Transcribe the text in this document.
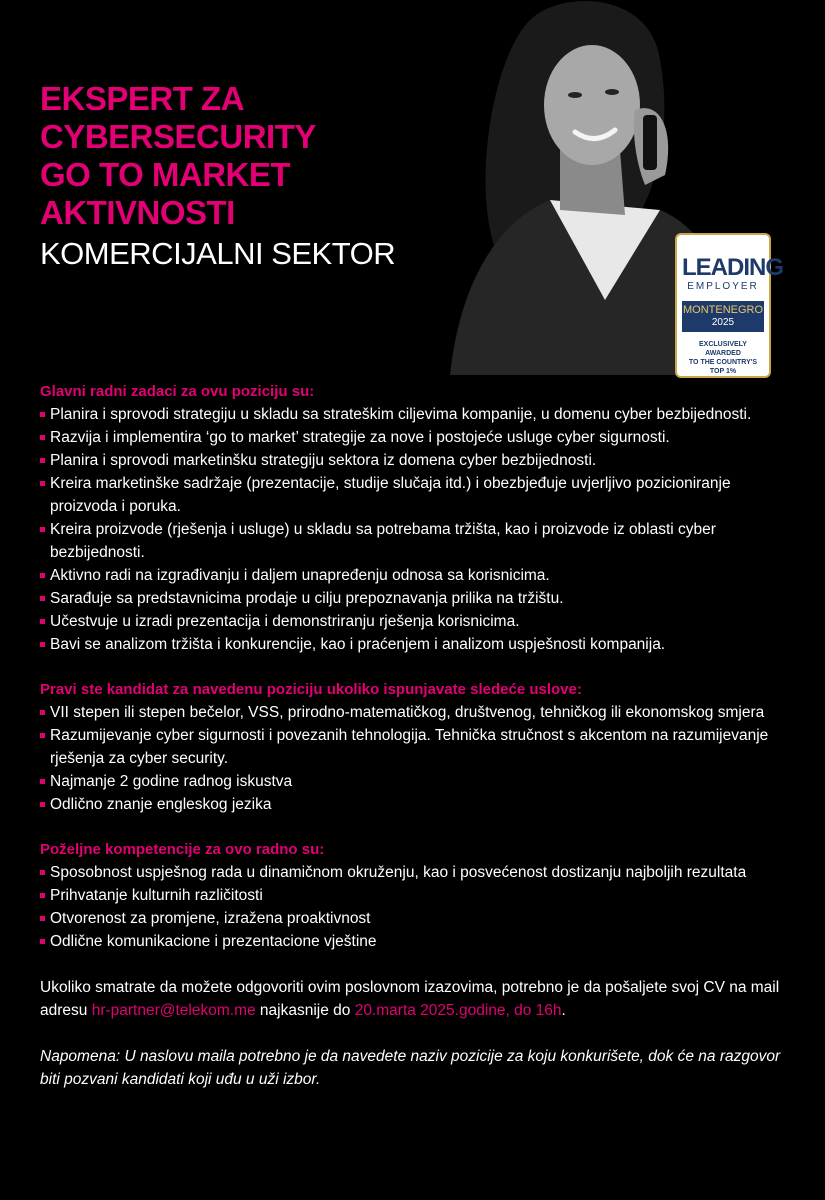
EKSPERT ZA
CYBERSECURITY
GO TO MARKET
AKTIVNOSTI
KOMERCIJALNI SEKTOR	LEADING
EMPLOYER
MONTENEGRO
2025
EXCLUSIVELY AWARDED
TO THE COUNTRY'S TOP 1%
Glavni radni zadaci za ovu poziciju su:
Planira i sprovodi strategiju u skladu sa strateškim ciljevima kompanije, u domenu cyber bezbijednosti.
Razvija i implementira ‘go to market’ strategije za nove i postojeće usluge cyber sigurnosti.
Planira i sprovodi marketinšku strategiju sektora iz domena cyber bezbijednosti.
Kreira marketinške sadržaje (prezentacije, studije slučaja itd.) i obezbjeđuje uvjerljivo pozicioniranje proizvoda i poruka.
Kreira proizvode (rješenja i usluge) u skladu sa potrebama tržišta, kao i proizvode iz oblasti cyber bezbijednosti.
Aktivno radi na izgrađivanju i daljem unapređenju odnosa sa korisnicima.
Sarađuje sa predstavnicima prodaje u cilju prepoznavanja prilika na tržištu.
Učestvuje u izradi prezentacija i demonstriranju rješenja korisnicima.
Bavi se analizom tržišta i konkurencije, kao i praćenjem i analizom uspješnosti kompanija.
Pravi ste kandidat za navedenu poziciju ukoliko ispunjavate sledeće uslove:
VII stepen ili stepen bečelor, VSS, prirodno-matematičkog, društvenog, tehničkog ili ekonomskog smjera
Razumijevanje cyber sigurnosti i povezanih tehnologija. Tehnička stručnost s akcentom na razumijevanje rješenja za cyber security.
Najmanje 2 godine radnog iskustva
Odlično znanje engleskog jezika
Poželjne kompetencije za ovo radno su:
Sposobnost uspješnog rada u dinamičnom okruženju, kao i posvećenost dostizanju najboljih rezultata
Prihvatanje kulturnih različitosti
Otvorenost za promjene, izražena proaktivnost
Odlične komunikacione i prezentacione vještine

Ukoliko smatrate da možete odgovoriti ovim poslovnom izazovima, potrebno je da pošaljete svoj CV na mail adresu hr-partner@telekom.me najkasnije do 20.marta 2025.godine, do 16h.

Napomena: U naslovu maila potrebno je da navedete naziv pozicije za koju konkurišete, dok će na razgovor biti pozvani kandidati koji uđu u uži izbor.
